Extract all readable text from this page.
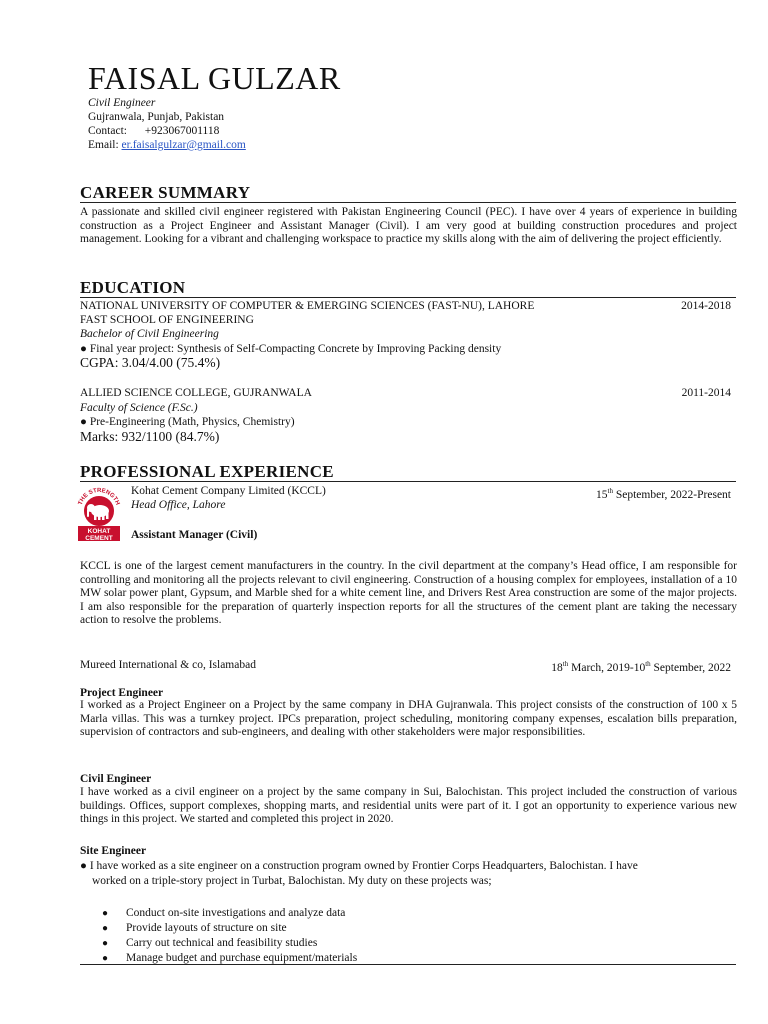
FAISAL GULZAR
Civil Engineer
Gujranwala, Punjab, Pakistan
Contact: +923067001118
Email: er.faisalgulzar@gmail.com
CAREER SUMMARY
A passionate and skilled civil engineer registered with Pakistan Engineering Council (PEC). I have over 4 years of experience in building construction as a Project Engineer and Assistant Manager (Civil). I am very good at building construction procedures and project management. Looking for a vibrant and challenging workspace to practice my skills along with the aim of delivering the project efficiently.
EDUCATION
NATIONAL UNIVERSITY OF COMPUTER & EMERGING SCIENCES (FAST-NU), LAHORE	2014-2018
FAST SCHOOL OF ENGINEERING
Bachelor of Civil Engineering
● Final year project: Synthesis of Self-Compacting Concrete by Improving Packing density
CGPA: 3.04/4.00 (75.4%)
ALLIED SCIENCE COLLEGE, GUJRANWALA	2011-2014
Faculty of Science (F.Sc.)
● Pre-Engineering (Math, Physics, Chemistry)
Marks: 932/1100 (84.7%)
PROFESSIONAL EXPERIENCE
THE STRENGTH
KOHAT
CEMENT
Kohat Cement Company Limited (KCCL)	15th September, 2022-Present
Head Office, Lahore
Assistant Manager (Civil)
KCCL is one of the largest cement manufacturers in the country. In the civil department at the company’s Head office, I am responsible for controlling and monitoring all the projects relevant to civil engineering. Construction of a housing complex for employees, installation of a 10 MW solar power plant, Gypsum, and Marble shed for a white cement line, and Drivers Rest Area construction are some of the major projects. I am also responsible for the preparation of quarterly inspection reports for all the structures of the cement plant are taking the necessary action to resolve the problems.
Mureed International & co, Islamabad	18th March, 2019-10th September, 2022
Project Engineer
I worked as a Project Engineer on a Project by the same company in DHA Gujranwala. This project consists of the construction of 100 x 5 Marla villas. This was a turnkey project. IPCs preparation, project scheduling, monitoring company expenses, escalation bills preparation, supervision of contractors and sub-engineers, and dealing with other stakeholders were major responsibilities.
Civil Engineer
I have worked as a civil engineer on a project by the same company in Sui, Balochistan. This project included the construction of various buildings. Offices, support complexes, shopping marts, and residential units were part of it. I got an opportunity to experience various new things in this project. We started and completed this project in 2020.
Site Engineer
● I have worked as a site engineer on a construction program owned by Frontier Corps Headquarters, Balochistan. I have
worked on a triple-story project in Turbat, Balochistan. My duty on these projects was;
●	Conduct on-site investigations and analyze data
●	Provide layouts of structure on site
●	Carry out technical and feasibility studies
●	Manage budget and purchase equipment/materials
